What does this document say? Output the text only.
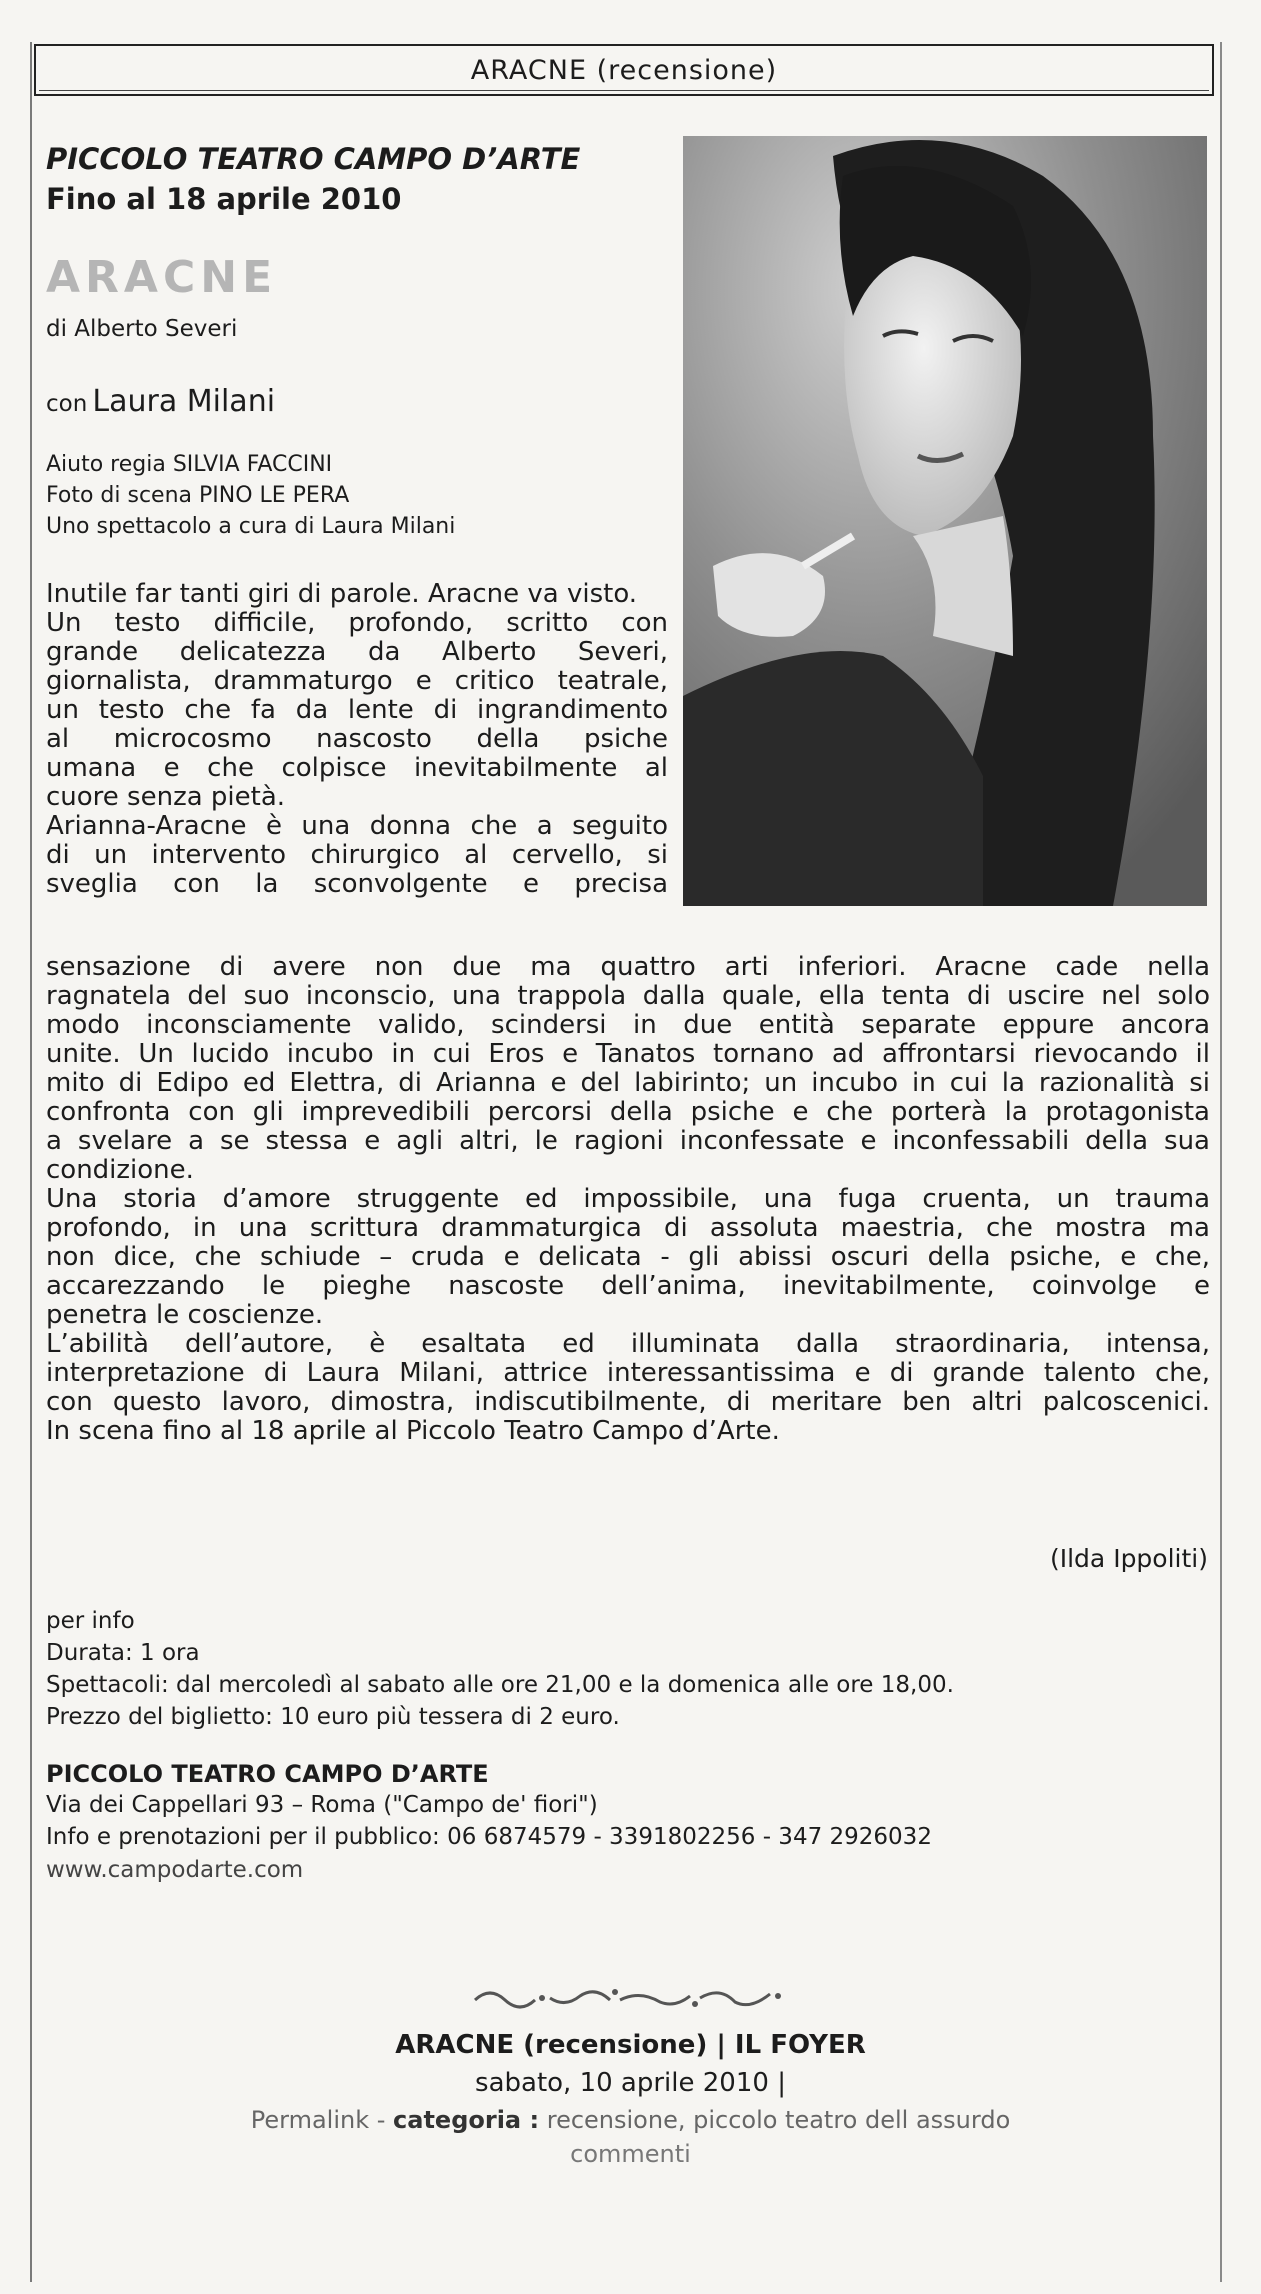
ARACNE (recensione)
PICCOLO TEATRO CAMPO D’ARTE
Fino al 18 aprile 2010
ARACNE
di Alberto Severi
con Laura Milani
Aiuto regia SILVIA FACCINI
Foto di scena PINO LE PERA
Uno spettacolo a cura di Laura Milani
Inutile far tanti giri di parole. Aracne va visto.
Un testo difficile, profondo, scritto con
grande delicatezza da Alberto Severi,
giornalista, drammaturgo e critico teatrale,
un testo che fa da lente di ingrandimento
al microcosmo nascosto della psiche
umana e che colpisce inevitabilmente al
cuore senza pietà.
Arianna-Aracne è una donna che a seguito
di un intervento chirurgico al cervello, si
sveglia con la sconvolgente e precisa
sensazione di avere non due ma quattro arti inferiori. Aracne cade nella
ragnatela del suo inconscio, una trappola dalla quale, ella tenta di uscire nel solo
modo inconsciamente valido, scindersi in due entità separate eppure ancora
unite. Un lucido incubo in cui Eros e Tanatos tornano ad affrontarsi rievocando il
mito di Edipo ed Elettra, di Arianna e del labirinto; un incubo in cui la razionalità si
confronta con gli imprevedibili percorsi della psiche e che porterà la protagonista
a svelare a se stessa e agli altri, le ragioni inconfessate e inconfessabili della sua
condizione.
Una storia d’amore struggente ed impossibile, una fuga cruenta, un trauma
profondo, in una scrittura drammaturgica di assoluta maestria, che mostra ma
non dice, che schiude – cruda e delicata - gli abissi oscuri della psiche, e che,
accarezzando le pieghe nascoste dell’anima, inevitabilmente, coinvolge e
penetra le coscienze.
L’abilità dell’autore, è esaltata ed illuminata dalla straordinaria, intensa,
interpretazione di Laura Milani, attrice interessantissima e di grande talento che,
con questo lavoro, dimostra, indiscutibilmente, di meritare ben altri palcoscenici.
In scena fino al 18 aprile al Piccolo Teatro Campo d’Arte.
(Ilda Ippoliti)
per info
Durata: 1 ora
Spettacoli: dal mercoledì al sabato alle ore 21,00 e la domenica alle ore 18,00.
Prezzo del biglietto: 10 euro più tessera di 2 euro.
PICCOLO TEATRO CAMPO D’ARTE
Via dei Cappellari 93 – Roma ("Campo de' fiori")
Info e prenotazioni per il pubblico: 06 6874579 - 3391802256 - 347 2926032
www.campodarte.com
ARACNE (recensione) | IL FOYER
sabato, 10 aprile 2010 |
Permalink - categoria : recensione, piccolo teatro dell assurdo
commenti
